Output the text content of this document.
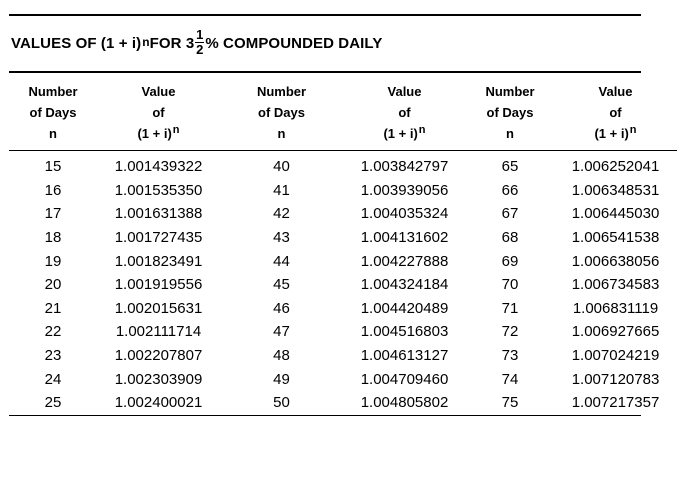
VALUES OF $(1 + i)^n$ FOR $3 \frac{1}{2}$ % COMPOUNDED DAILY
Number
of Days
n	Value
of
$(1 + i)^n$	Number
of Days
n	Value
of
$(1 + i)^n$	Number
of Days
n	Value
of
$(1 + i)^n$
15	1.001439322	40	1.003842797	65	1.006252041
16	1.001535350	41	1.003939056	66	1.006348531
17	1.001631388	42	1.004035324	67	1.006445030
18	1.001727435	43	1.004131602	68	1.006541538
19	1.001823491	44	1.004227888	69	1.006638056
20	1.001919556	45	1.004324184	70	1.006734583
21	1.002015631	46	1.004420489	71	1.006831119
22	1.002111714	47	1.004516803	72	1.006927665
23	1.002207807	48	1.004613127	73	1.007024219
24	1.002303909	49	1.004709460	74	1.007120783
25	1.002400021	50	1.004805802	75	1.007217357
